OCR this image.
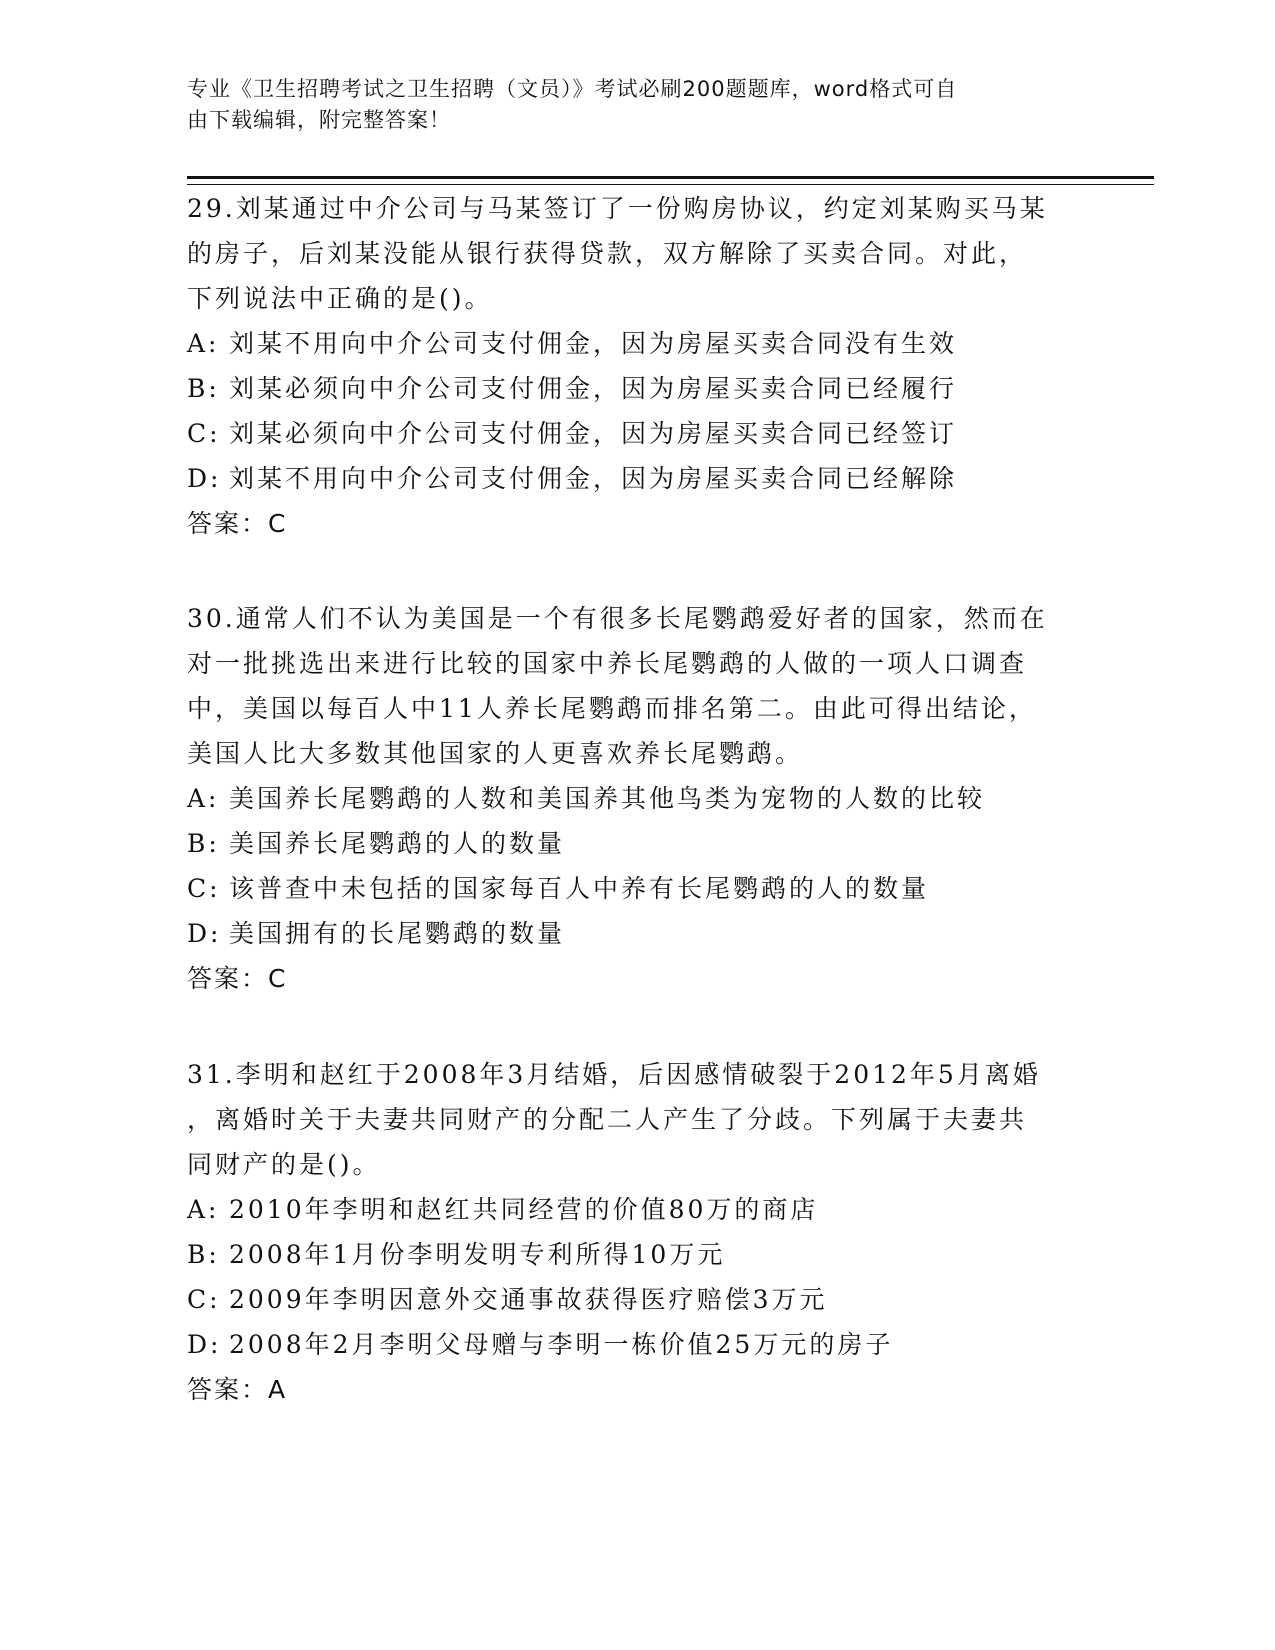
专业《卫生招聘考试之卫生招聘（文员）》考试必刷200题题库，word格式可自
由下载编辑，附完整答案！
29.刘某通过中介公司与马某签订了一份购房协议，约定刘某购买马某
的房子，后刘某没能从银行获得贷款，双方解除了买卖合同。对此，
下列说法中正确的是()。
A: 刘某不用向中介公司支付佣金，因为房屋买卖合同没有生效
B: 刘某必须向中介公司支付佣金，因为房屋买卖合同已经履行
C: 刘某必须向中介公司支付佣金，因为房屋买卖合同已经签订
D: 刘某不用向中介公司支付佣金，因为房屋买卖合同已经解除
答案：C
30.通常人们不认为美国是一个有很多长尾鹦鹉爱好者的国家，然而在
对一批挑选出来进行比较的国家中养长尾鹦鹉的人做的一项人口调查
中，美国以每百人中11人养长尾鹦鹉而排名第二。由此可得出结论，
美国人比大多数其他国家的人更喜欢养长尾鹦鹉。
A: 美国养长尾鹦鹉的人数和美国养其他鸟类为宠物的人数的比较
B: 美国养长尾鹦鹉的人的数量
C: 该普查中未包括的国家每百人中养有长尾鹦鹉的人的数量
D: 美国拥有的长尾鹦鹉的数量
答案：C
31.李明和赵红于2008年3月结婚，后因感情破裂于2012年5月离婚
，离婚时关于夫妻共同财产的分配二人产生了分歧。下列属于夫妻共
同财产的是()。
A: 2010年李明和赵红共同经营的价值80万的商店
B: 2008年1月份李明发明专利所得10万元
C: 2009年李明因意外交通事故获得医疗赔偿3万元
D: 2008年2月李明父母赠与李明一栋价值25万元的房子
答案：A
